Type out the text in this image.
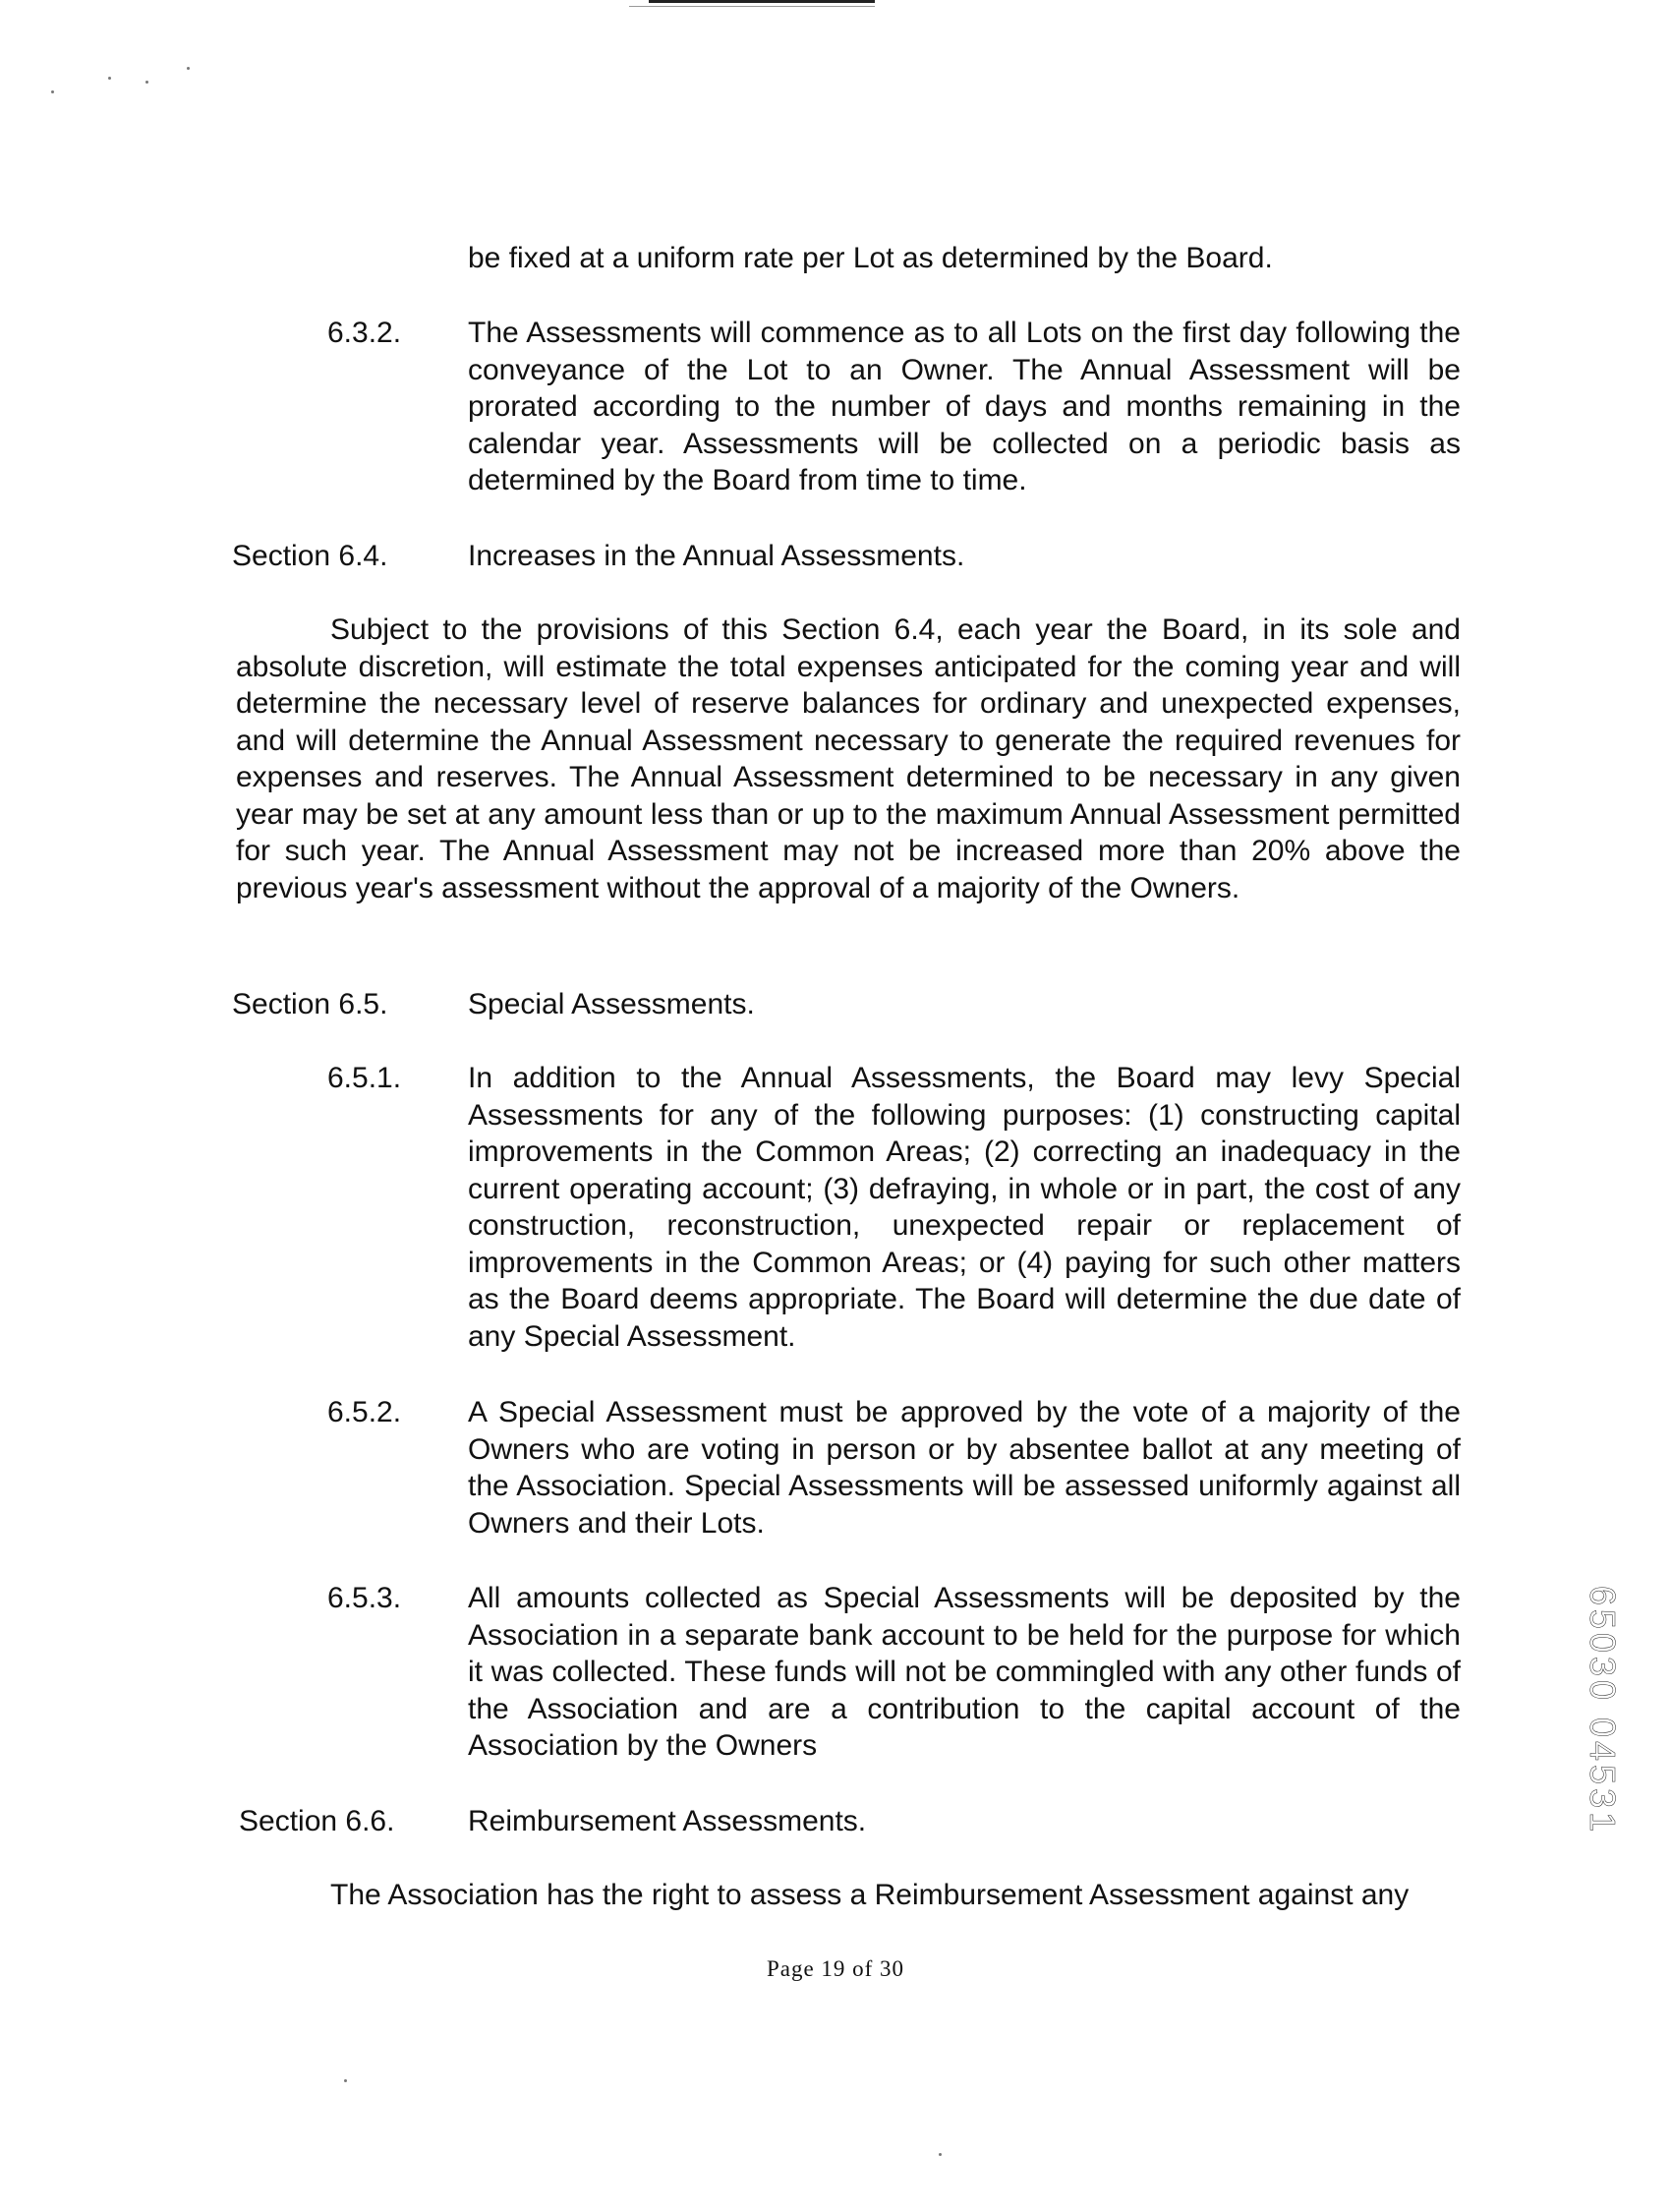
be fixed at a uniform rate per Lot as determined by the Board.

6.3.2. The Assessments will commence as to all Lots on the first day following the conveyance of the Lot to an Owner. The Annual Assessment will be prorated according to the number of days and months remaining in the calendar year. Assessments will be collected on a periodic basis as determined by the Board from time to time.

Section 6.4.	Increases in the Annual Assessments.

Subject to the provisions of this Section 6.4, each year the Board, in its sole and absolute discretion, will estimate the total expenses anticipated for the coming year and will determine the necessary level of reserve balances for ordinary and unexpected expenses, and will determine the Annual Assessment necessary to generate the required revenues for expenses and reserves. The Annual Assessment determined to be necessary in any given year may be set at any amount less than or up to the maximum Annual Assessment permitted for such year. The Annual Assessment may not be increased more than 20% above the previous year's assessment without the approval of a majority of the Owners.

Section 6.5.	Special Assessments.
6.5.1. In addition to the Annual Assessments, the Board may levy Special Assessments for any of the following purposes: (1) constructing capital improvements in the Common Areas; (2) correcting an inadequacy in the current operating account; (3) defraying, in whole or in part, the cost of any construction, reconstruction, unexpected repair or replacement of improvements in the Common Areas; or (4) paying for such other matters as the Board deems appropriate. The Board will determine the due date of any Special Assessment.

6.5.2. A Special Assessment must be approved by the vote of a majority of the Owners who are voting in person or by absentee ballot at any meeting of the Association. Special Assessments will be assessed uniformly against all Owners and their Lots.

6.5.3. All amounts collected as Special Assessments will be deposited by the Association in a separate bank account to be held for the purpose for which it was collected. These funds will not be commingled with any other funds of the Association and are a contribution to the capital account of the Association by the Owners

Section 6.6. Reimbursement Assessments.

The Association has the right to assess a Reimbursement Assessment against any

Page 19 of 30
65030 04531
